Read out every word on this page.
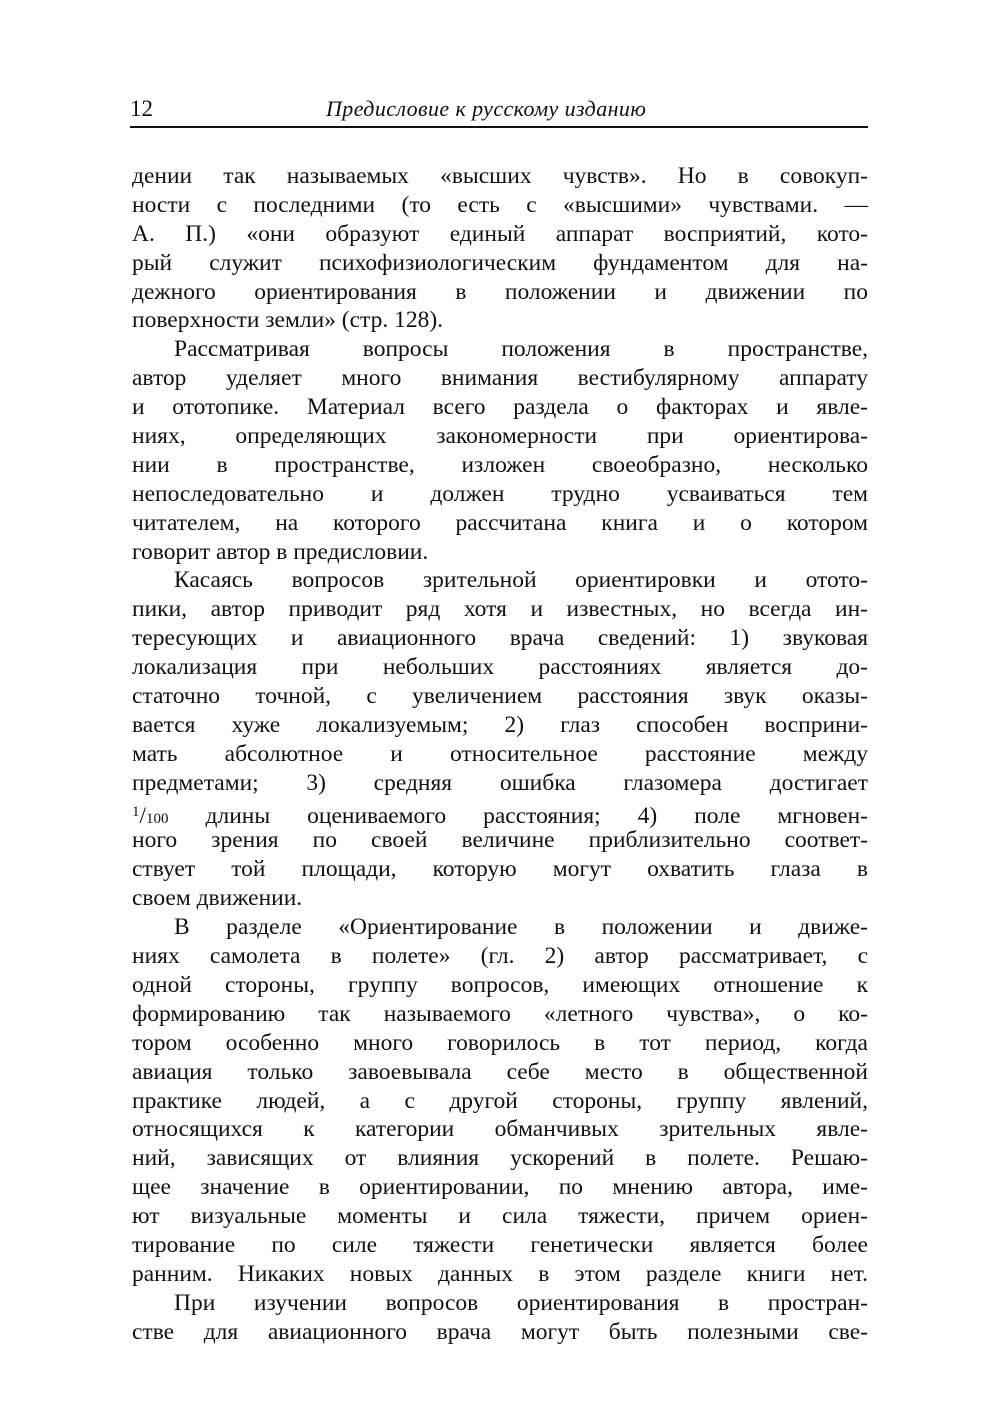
12	Предисловие к русскому изданию
дении так называемых «высших чувств». Но в совокуп-
ности с последними (то есть с «высшими» чувствами. —
А. П.) «они образуют единый аппарат восприятий, кото-
рый служит психофизиологическим фундаментом для на-
дежного ориентирования в положении и движении по
поверхности земли» (стр. 128).
Рассматривая вопросы положения в пространстве,
автор уделяет много внимания вестибулярному аппарату
и ототопике. Материал всего раздела о факторах и явле-
ниях, определяющих закономерности при ориентирова-
нии в пространстве, изложен своеобразно, несколько
непоследовательно и должен трудно усваиваться тем
читателем, на которого рассчитана книга и о котором
говорит автор в предисловии.
Касаясь вопросов зрительной ориентировки и отото-
пики, автор приводит ряд хотя и известных, но всегда ин-
тересующих и авиационного врача сведений: 1) звуковая
локализация при небольших расстояниях является до-
статочно точной, с увеличением расстояния звук оказы-
вается хуже локализуемым; 2) глаз способен восприни-
мать абсолютное и относительное расстояние между
предметами; 3) средняя ошибка глазомера достигает
$^1$/100 длины оцениваемого расстояния; 4) поле мгновен-
ного зрения по своей величине приблизительно соответ-
ствует той площади, которую могут охватить глаза в
своем движении.
В разделе «Ориентирование в положении и движе-
ниях самолета в полете» (гл. 2) автор рассматривает, с
одной стороны, группу вопросов, имеющих отношение к
формированию так называемого «летного чувства», о ко-
тором особенно много говорилось в тот период, когда
авиация только завоевывала себе место в общественной
практике людей, а с другой стороны, группу явлений,
относящихся к категории обманчивых зрительных явле-
ний, зависящих от влияния ускорений в полете. Решаю-
щее значение в ориентировании, по мнению автора, име-
ют визуальные моменты и сила тяжести, причем ориен-
тирование по силе тяжести генетически является более
ранним. Никаких новых данных в этом разделе книги нет.
При изучении вопросов ориентирования в простран-
стве для авиационного врача могут быть полезными све-
